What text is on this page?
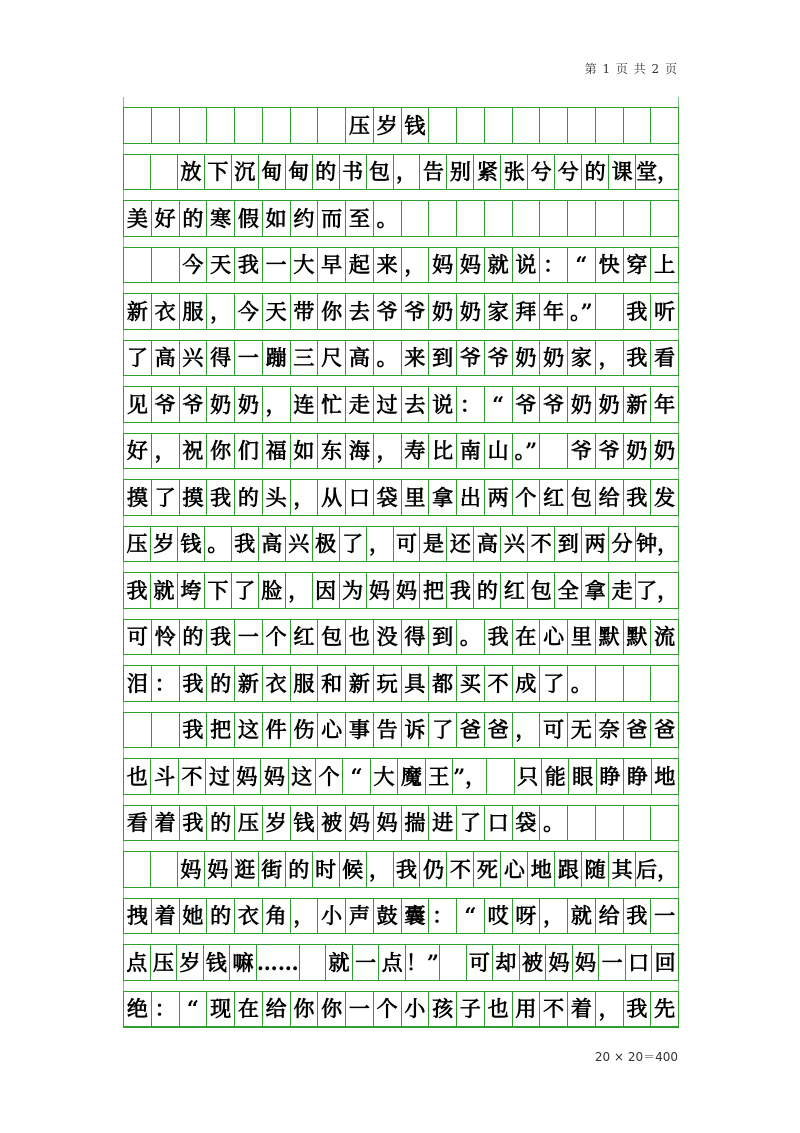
第 1 页 共 2 页
压 岁 钱
放 下 沉 甸 甸 的 书 包 ， 告 别 紧 张 兮 兮 的 课 堂，
美 好 的 寒 假 如 约 而 至 。
今 天 我 一 大 早 起 来 ， 妈 妈 就 说 ： “ 快 穿 上
新 衣 服 ， 今 天 带 你 去 爷 爷 奶 奶 家 拜 年 。” 我 听
了 高 兴 得 一 蹦 三 尺 高 。 来 到 爷 爷 奶 奶 家 ， 我 看
见 爷 爷 奶 奶 ， 连 忙 走 过 去 说 ： “ 爷 爷 奶 奶 新 年
好 ， 祝 你 们 福 如 东 海 ， 寿 比 南 山 。” 爷 爷 奶 奶
摸 了 摸 我 的 头 ， 从 口 袋 里 拿 出 两 个 红 包 给 我 发
压 岁 钱 。 我 高 兴 极 了 ， 可 是 还 高 兴 不 到 两 分 钟，
我 就 垮 下 了 脸 ， 因 为 妈 妈 把 我 的 红 包 全 拿 走 了，
可 怜 的 我 一 个 红 包 也 没 得 到 。 我 在 心 里 默 默 流
泪 ： 我 的 新 衣 服 和 新 玩 具 都 买 不 成 了 。
我 把 这 件 伤 心 事 告 诉 了 爸 爸 ， 可 无 奈 爸 爸
也 斗 不 过 妈 妈 这 个 “ 大 魔 王 ”， 只 能 眼 睁 睁 地
看 着 我 的 压 岁 钱 被 妈 妈 揣 进 了 口 袋 。
妈 妈 逛 街 的 时 候 ， 我 仍 不 死 心 地 跟 随 其 后，
拽 着 她 的 衣 角 ， 小 声 鼓 囊 ： “ 哎 呀 ， 就 给 我 一
点 压 岁 钱 嘛 …… 就 一 点 ！” 可 却 被 妈 妈 一 口 回
绝 ： “ 现 在 给 你 你 一 个 小 孩 子 也 用 不 着 ， 我 先
20 × 20＝400
